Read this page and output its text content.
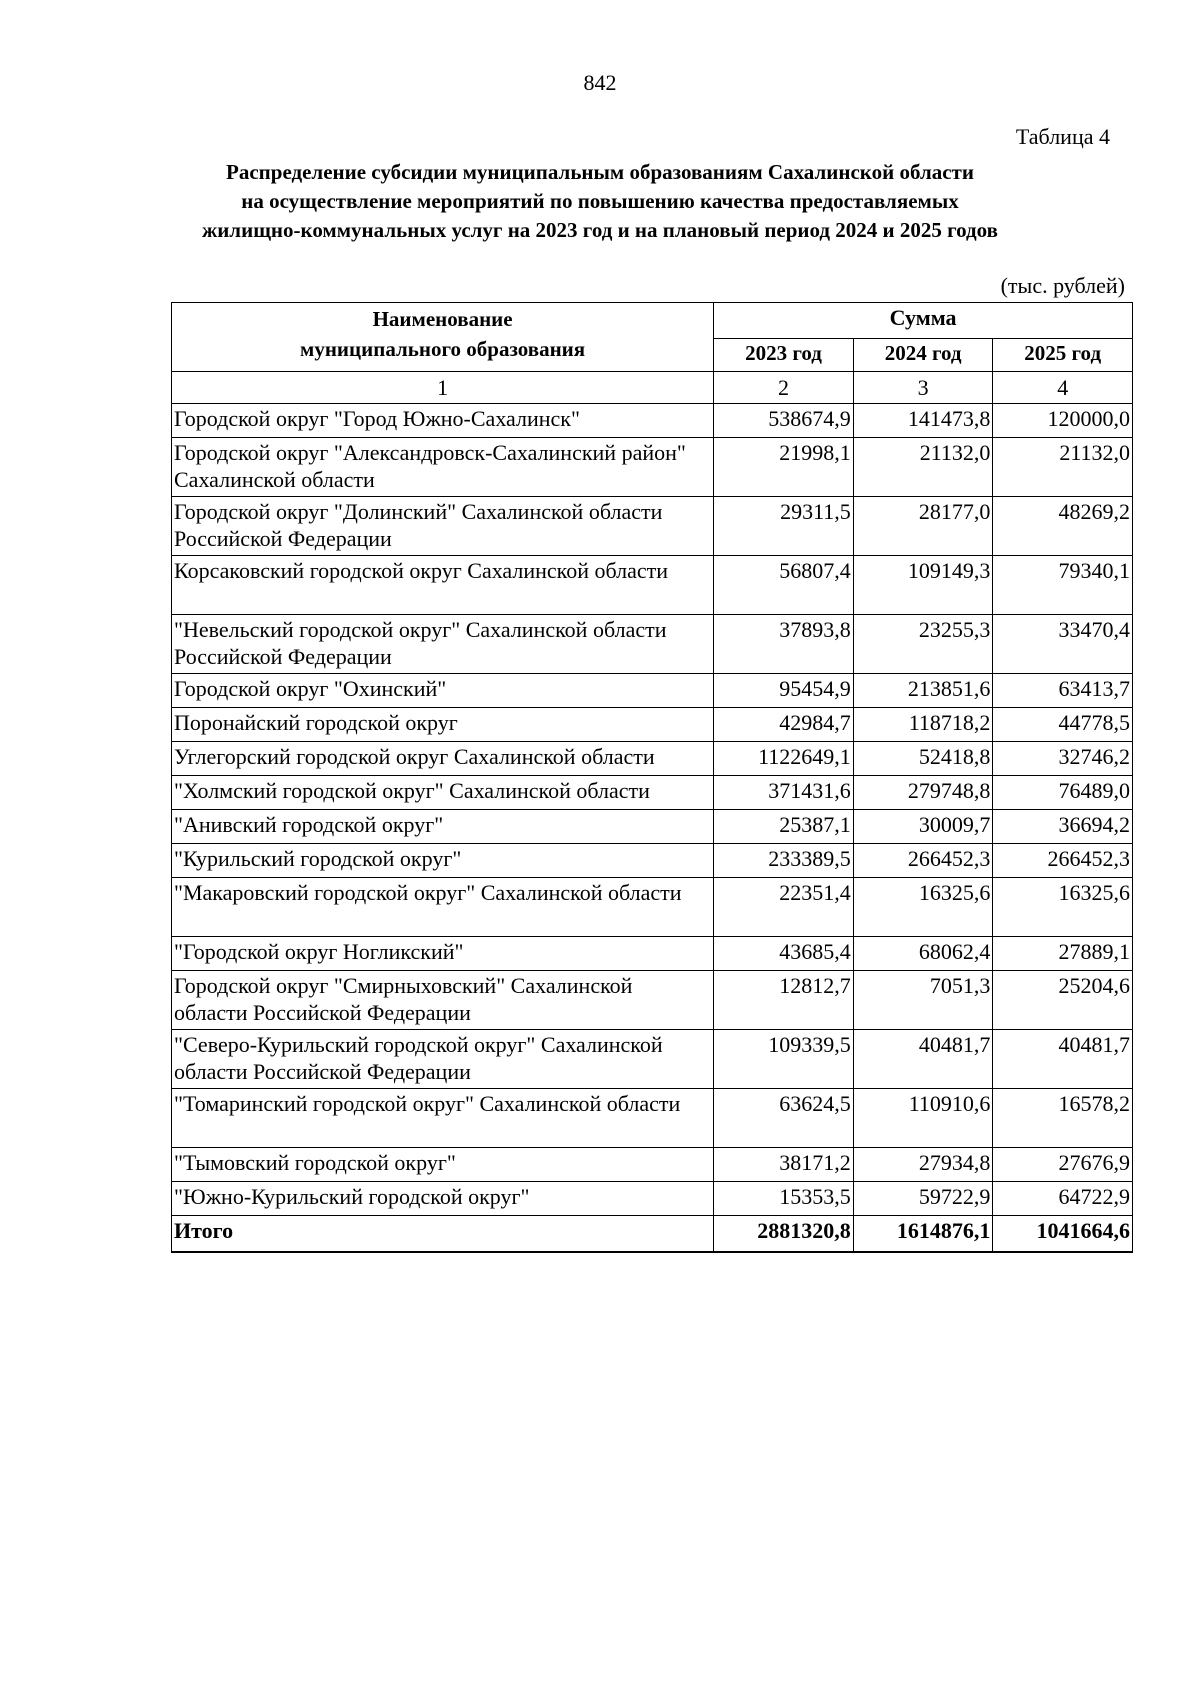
842
Таблица 4
Распределение субсидии муниципальным образованиям Сахалинской области
на осуществление мероприятий по повышению качества предоставляемых
жилищно-коммунальных услуг на 2023 год и на плановый период 2024 и 2025 годов
(тыс. рублей)
Наименование
муниципального образования	Сумма		
	2023 год	2024 год	2025 год
1	2	3	4
Городской округ "Город Южно-Сахалинск"	538674,9	141473,8	120000,0
Городской округ "Александровск-Сахалинский район" Сахалинской области	21998,1	21132,0	21132,0
Городской округ "Долинский" Сахалинской области Российской Федерации	29311,5	28177,0	48269,2
Корсаковский городской округ Сахалинской области	56807,4	109149,3	79340,1
"Невельский городской округ" Сахалинской области Российской Федерации	37893,8	23255,3	33470,4
Городской округ "Охинский"	95454,9	213851,6	63413,7
Поронайский городской округ	42984,7	118718,2	44778,5
Углегорский городской округ Сахалинской области	1122649,1	52418,8	32746,2
"Холмский городской округ" Сахалинской области	371431,6	279748,8	76489,0
"Анивский городской округ"	25387,1	30009,7	36694,2
"Курильский городской округ"	233389,5	266452,3	266452,3
"Макаровский городской округ" Сахалинской области	22351,4	16325,6	16325,6
"Городской округ Ногликский"	43685,4	68062,4	27889,1
Городской округ "Смирныховский" Сахалинской области Российской Федерации	12812,7	7051,3	25204,6
"Северо-Курильский городской округ" Сахалинской области Российской Федерации	109339,5	40481,7	40481,7
"Томаринский городской округ" Сахалинской области	63624,5	110910,6	16578,2
"Тымовский городской округ"	38171,2	27934,8	27676,9
"Южно-Курильский городской округ"	15353,5	59722,9	64722,9
Итого	2881320,8	1614876,1	1041664,6
